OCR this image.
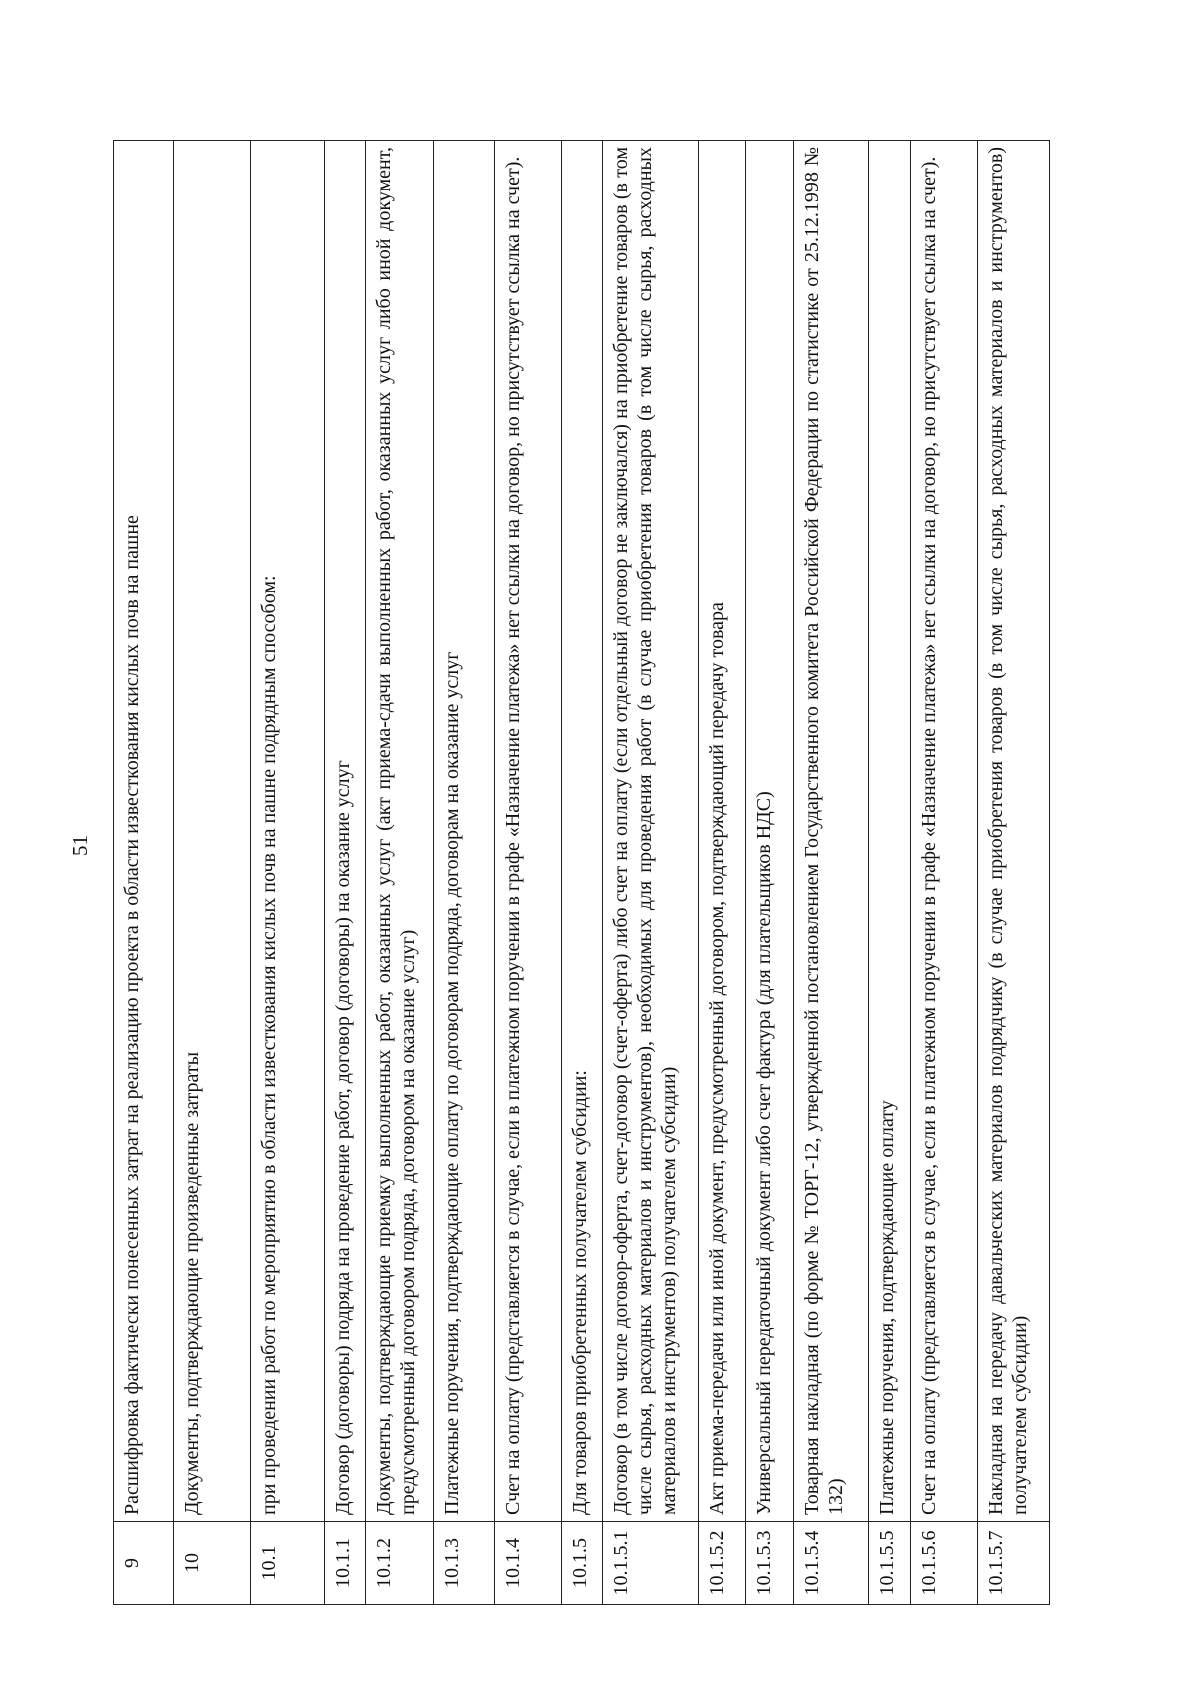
51
9	Расшифровка фактически понесенных затрат на реализацию проекта в области известкования кислых почв на пашне
10	Документы, подтверждающие произведенные затраты
10.1	при проведении работ по мероприятию в области известкования кислых почв на пашне подрядным способом:
10.1.1	Договор (договоры) подряда на проведение работ, договор (договоры) на оказание услуг
10.1.2	Документы, подтверждающие приемку выполненных работ, оказанных услуг (акт приема-сдачи выполненных работ, оказанных услуг либо иной документ, предусмотренный договором подряда, договором на оказание услуг)
10.1.3	Платежные поручения, подтверждающие оплату по договорам подряда, договорам на оказание услуг
10.1.4	Счет на оплату (представляется в случае, если в платежном поручении в графе «Назначение платежа» нет ссылки на договор, но присутствует ссылка на счет).
10.1.5	Для товаров приобретенных получателем субсидии:
10.1.5.1	Договор (в том числе договор-оферта, счет-договор (счет-оферта) либо счет на оплату (если отдельный договор не заключался) на приобретение товаров (в том числе сырья, расходных материалов и инструментов), необходимых для проведения работ (в случае приобретения товаров (в том числе сырья, расходных материалов и инструментов) получателем субсидии)
10.1.5.2	Акт приема-передачи или иной документ, предусмотренный договором, подтверждающий передачу товара
10.1.5.3	Универсальный передаточный документ либо счет фактура (для плательщиков НДС)
10.1.5.4	Товарная накладная (по форме № ТОРГ-12, утвержденной постановлением Государственного комитета Российской Федерации по статистике от 25.12.1998 № 132)
10.1.5.5	Платежные поручения, подтверждающие оплату
10.1.5.6	Счет на оплату (представляется в случае, если в платежном поручении в графе «Назначение платежа» нет ссылки на договор, но присутствует ссылка на счет).
10.1.5.7	Накладная на передачу давальческих материалов подрядчику (в случае приобретения товаров (в том числе сырья, расходных материалов и инструментов) получателем субсидии)
